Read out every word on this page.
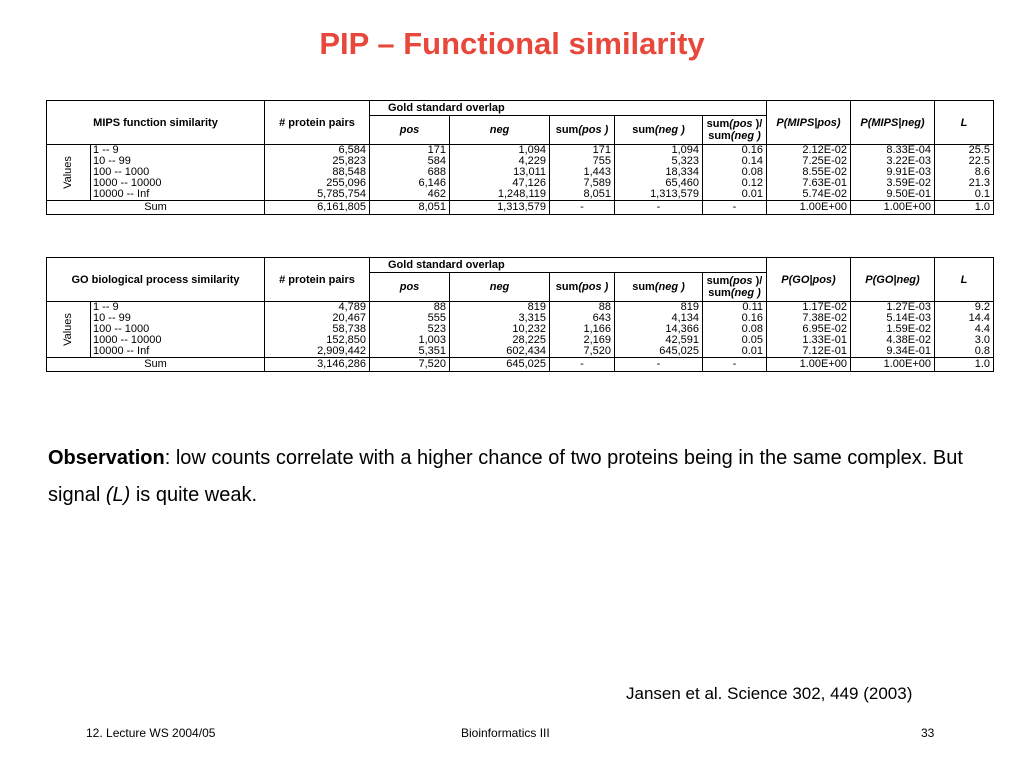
PIP – Functional similarity
MIPS function similarity		# protein pairs	Gold standard overlap					P(MIPS|pos)	P(MIPS|neg)	L
			pos	neg	sum(pos )	sum(neg )	sum(pos )/
sum(neg )			
Values	1 -- 9	6,584	171	1,094	171	1,094	0.16	2.12E-02	8.33E-04	25.5
	10 -- 99	25,823	584	4,229	755	5,323	0.14	7.25E-02	3.22E-03	22.5
	100 -- 1000	88,548	688	13,011	1,443	18,334	0.08	8.55E-02	9.91E-03	8.6
	1000 -- 10000	255,096	6,146	47,126	7,589	65,460	0.12	7.63E-01	3.59E-02	21.3
	10000 -- Inf	5,785,754	462	1,248,119	8,051	1,313,579	0.01	5.74E-02	9.50E-01	0.1
Sum		6,161,805	8,051	1,313,579	-	-	-	1.00E+00	1.00E+00	1.0
GO biological process similarity		# protein pairs	Gold standard overlap					P(GO|pos)	P(GO|neg)	L
			pos	neg	sum(pos )	sum(neg )	sum(pos )/
sum(neg )			
Values	1 -- 9	4,789	88	819	88	819	0.11	1.17E-02	1.27E-03	9.2
	10 -- 99	20,467	555	3,315	643	4,134	0.16	7.38E-02	5.14E-03	14.4
	100 -- 1000	58,738	523	10,232	1,166	14,366	0.08	6.95E-02	1.59E-02	4.4
	1000 -- 10000	152,850	1,003	28,225	2,169	42,591	0.05	1.33E-01	4.38E-02	3.0
	10000 -- Inf	2,909,442	5,351	602,434	7,520	645,025	0.01	7.12E-01	9.34E-01	0.8
Sum		3,146,286	7,520	645,025	-	-	-	1.00E+00	1.00E+00	1.0
Observation: low counts correlate with a higher chance of two proteins being in the same complex. But signal (L) is quite weak.
Jansen et al. Science 302, 449 (2003)
12. Lecture WS 2004/05	Bioinformatics III	33
